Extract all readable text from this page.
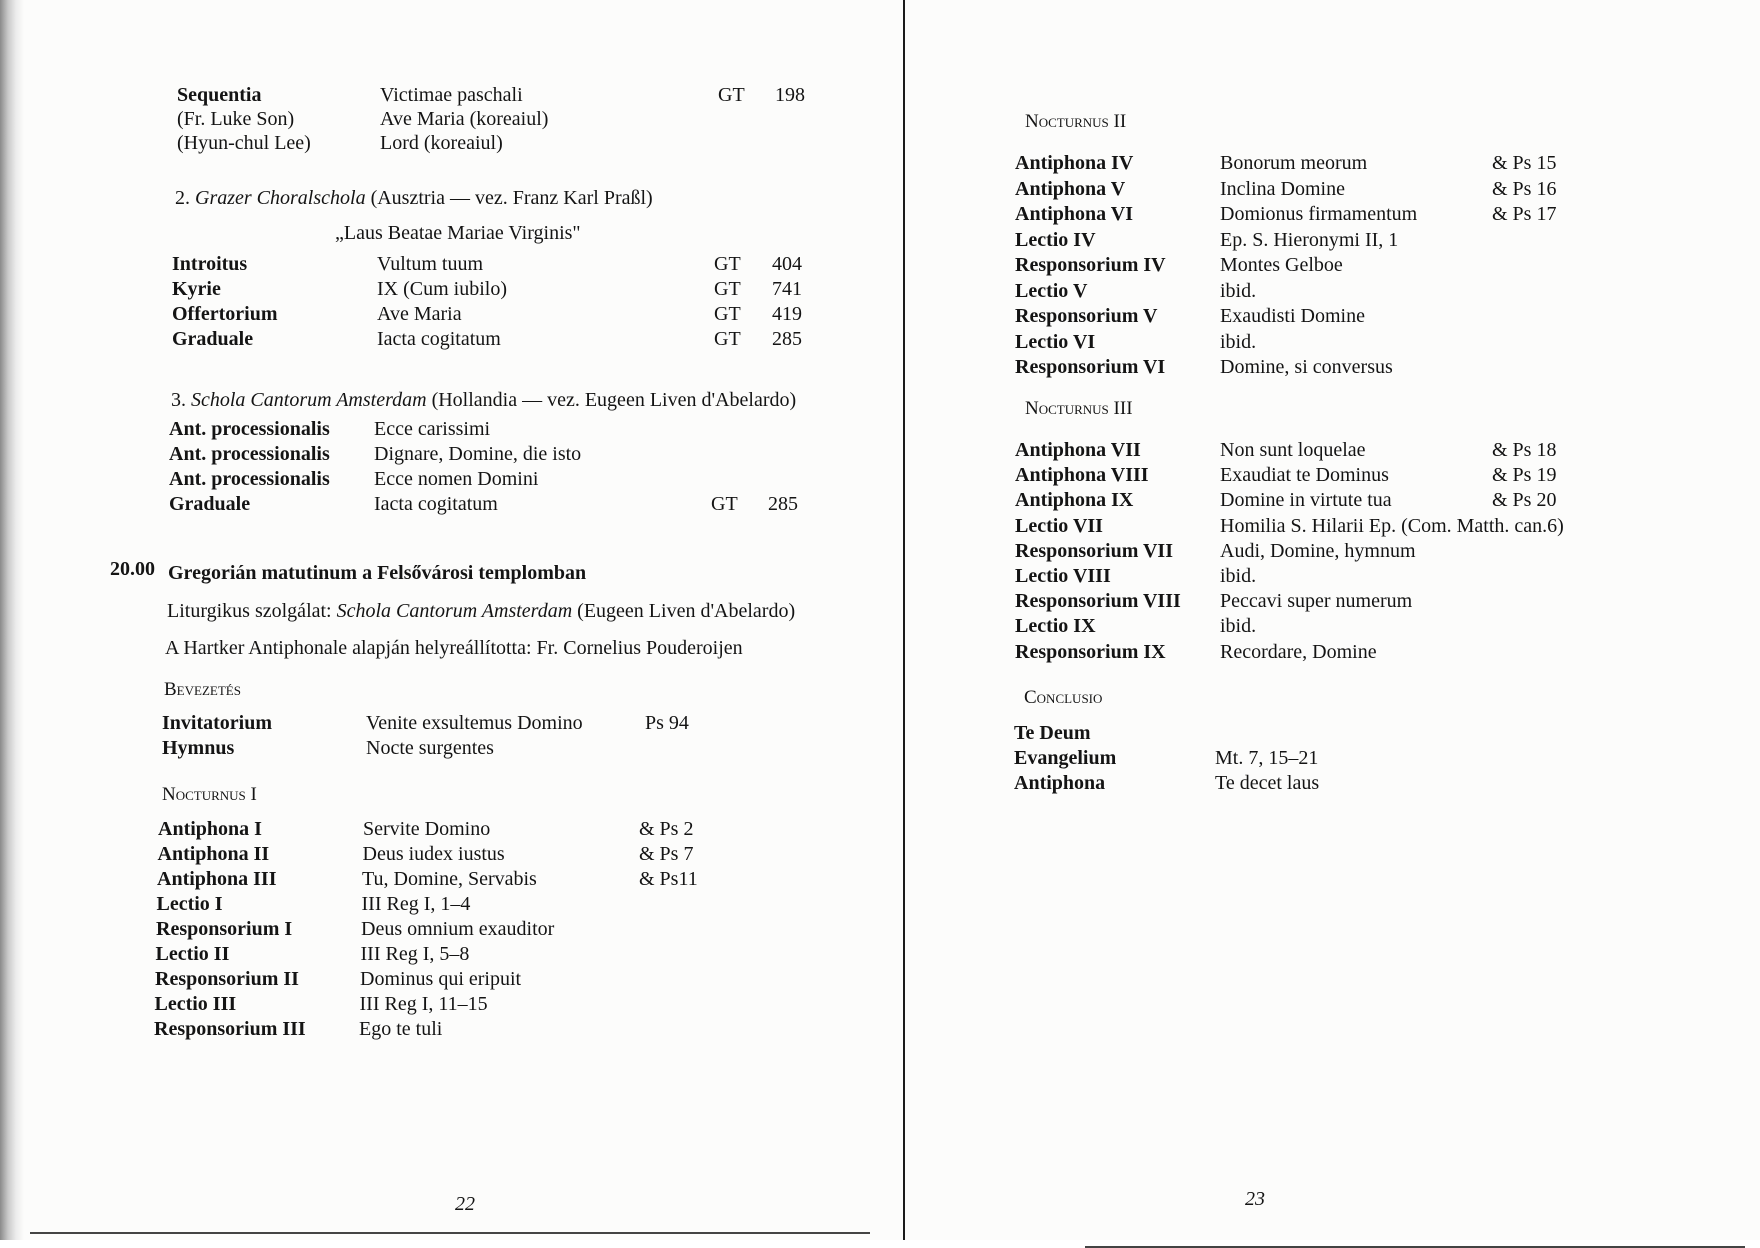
Sequentia	Victimae paschali	GT 198
(Fr. Luke Son)	Ave Maria (koreaiul)
(Hyun-chul Lee)	Lord (koreaiul)
2. Grazer Choralschola (Ausztria — vez. Franz Karl Praßl)
„Laus Beatae Mariae Virginis"
Introitus	Vultum tuum	GT 404
Kyrie	IX (Cum iubilo)	GT 741
Offertorium	Ave Maria	GT 419
Graduale	Iacta cogitatum	GT 285
3. Schola Cantorum Amsterdam (Hollandia — vez. Eugeen Liven d'Abelardo)
Ant. processionalis Ecce carissimi
Ant. processionalis Dignare, Domine, die isto
Ant. processionalis Ecce nomen Domini
Graduale	Iacta cogitatum	GT 285
20.00 Gregorián matutinum a Felsővárosi templomban
Liturgikus szolgálat: Schola Cantorum Amsterdam (Eugeen Liven d'Abelardo)
A Hartker Antiphonale alapján helyreállította: Fr. Cornelius Pouderoijen
Bevezetés
Invitatorium	Venite exsultemus Domino	Ps 94
Hymnus	Nocte surgentes
Nocturnus I
Antiphona I	Servite Domino	& Ps 2
Antiphona II	Deus iudex iustus	& Ps 7
Antiphona III	Tu, Domine, Servabis	& Ps11
Lectio I	III Reg I, 1–4
Responsorium I	Deus omnium exauditor
Lectio II	III Reg I, 5–8
Responsorium II	Dominus qui eripuit
Lectio III	III Reg I, 11–15
Responsorium III	Ego te tuli
22
Nocturnus II
Antiphona IV	Bonorum meorum	& Ps 15
Antiphona V	Inclina Domine	& Ps 16
Antiphona VI	Domionus firmamentum	& Ps 17
Lectio IV	Ep. S. Hieronymi II, 1
Responsorium IV	Montes Gelboe
Lectio V	ibid.
Responsorium V	Exaudisti Domine
Lectio VI	ibid.
Responsorium VI	Domine, si conversus
Nocturnus III
Antiphona VII	Non sunt loquelae	& Ps 18
Antiphona VIII	Exaudiat te Dominus	& Ps 19
Antiphona IX	Domine in virtute tua	& Ps 20
Lectio VII	Homilia S. Hilarii Ep. (Com. Matth. can.6)
Responsorium VII Audi, Domine, hymnum
Lectio VIII	ibid.
Responsorium VIII Peccavi super numerum
Lectio IX	ibid.
Responsorium IX	Recordare, Domine
Conclusio
Te Deum
Evangelium	Mt. 7, 15–21
Antiphona	Te decet laus
23
